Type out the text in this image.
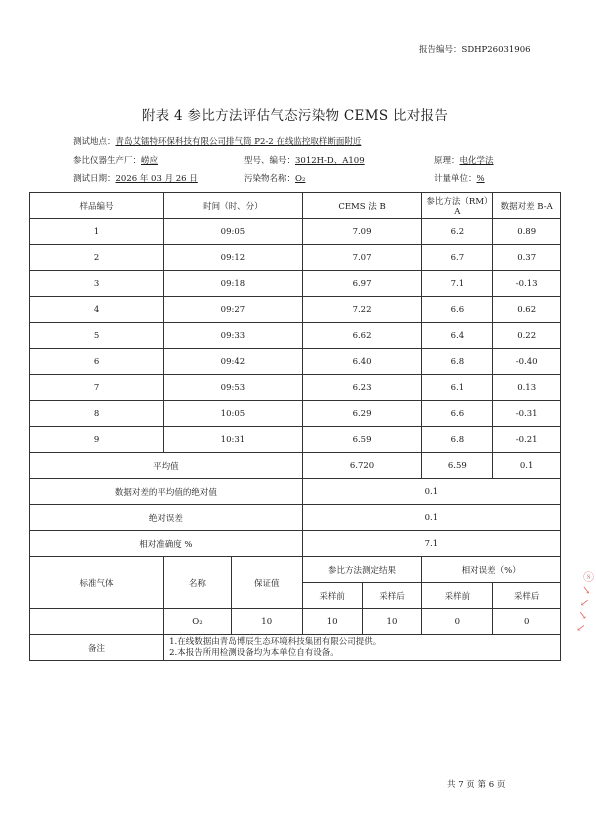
报告编号：SDHP26031906
附表 4 参比方法评估气态污染物 CEMS 比对报告
测试地点：青岛艾镭特环保科技有限公司排气筒 P2-2 在线监控取样断面附近
参比仪器生产厂：崂应	型号、编号：3012H-D、A109	原理：电化学法
测试日期：2026 年 03 月 26 日	污染物名称：O₂	计量单位：%
样品编号	时间（时、分）		CEMS 法 B		参比方法（RM）A	数据对差 B-A
1	09:05		7.09		6.2	0.89
2	09:12		7.07		6.7	0.37
3	09:18		6.97		7.1	-0.13
4	09:27		7.22		6.6	0.62
5	09:33		6.62		6.4	0.22
6	09:42		6.40		6.8	-0.40
7	09:53		6.23		6.1	0.13
8	10:05		6.29		6.6	-0.31
9	10:31		6.59		6.8	-0.21
平均值			6.720		6.59	0.1
数据对差的平均值的绝对值			0.1			
绝对误差			0.1			
相对准确度 %			7.1			
标准气体	名称	保证值	参比方法测定结果		相对误差（%）	
			采样前	采样后	采样前	采样后
	O₂	10	10	10	0	0
备注	1.在线数据由青岛博辰生态环境科技集团有限公司提供。
2.本报告所用检测设备均为本单位自有设备。					
ⓢ ↗ ↘ ↗ ↘
共 7 页 第 6 页
